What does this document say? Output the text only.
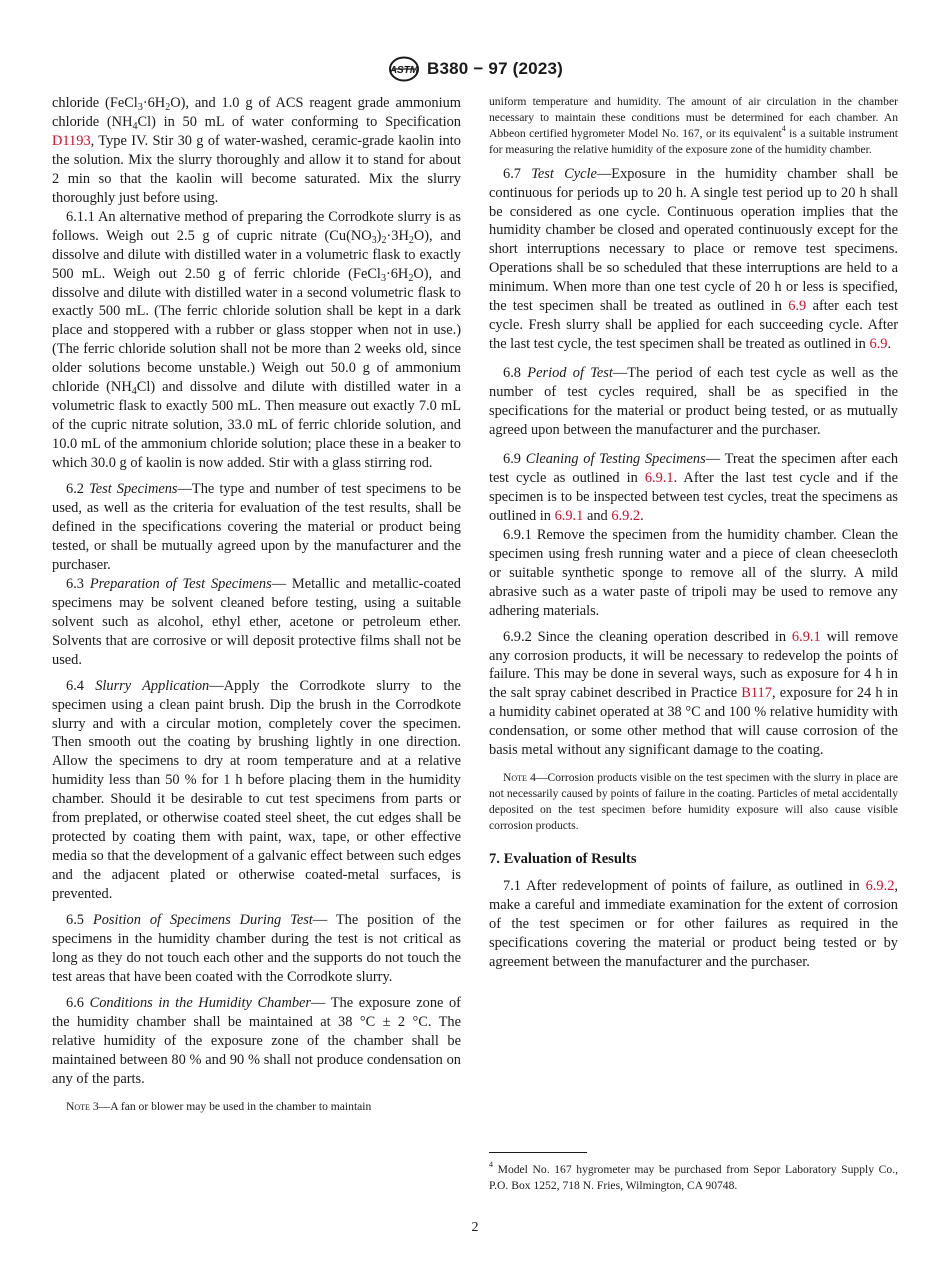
ASTM B380 − 97 (2023)

chloride $(FeCl_3\cdot 6H_2O)$, and 1.0 g of ACS reagent grade ammonium chloride $(NH_4Cl)$ in 50 mL of water conforming to Specification D1193, Type IV. Stir 30 g of water-washed, ceramic-grade kaolin into the solution. Mix the slurry thoroughly and allow it to stand for about 2 min so that the kaolin will become saturated. Mix the slurry thoroughly just before using.

6.1.1 An alternative method of preparing the Corrodkote slurry is as follows. Weigh out 2.5 g of cupric nitrate $(Cu(NO_3)_2\cdot 3H_2O)$, and dissolve and dilute with distilled water in a volumetric flask to exactly 500 mL. Weigh out 2.50 g of ferric chloride $(FeCl_3\cdot 6H_2O)$, and dissolve and dilute with distilled water in a second volumetric flask to exactly 500 mL. (The ferric chloride solution shall be kept in a dark place and stoppered with a rubber or glass stopper when not in use.) (The ferric chloride solution shall not be more than 2 weeks old, since older solutions become unstable.) Weigh out 50.0 g of ammonium chloride $(NH_4Cl)$ and dissolve and dilute with distilled water in a volumetric flask to exactly 500 mL. Then measure out exactly 7.0 mL of the cupric nitrate solution, 33.0 mL of ferric chloride solution, and 10.0 mL of the ammonium chloride solution; place these in a beaker to which 30.0 g of kaolin is now added. Stir with a glass stirring rod.

6.2 Test Specimens—The type and number of test specimens to be used, as well as the criteria for evaluation of the test results, shall be defined in the specifications covering the material or product being tested, or shall be mutually agreed upon by the manufacturer and the purchaser.

6.3 Preparation of Test Specimens— Metallic and metallic-coated specimens may be solvent cleaned before testing, using a suitable solvent such as alcohol, ethyl ether, acetone or petroleum ether. Solvents that are corrosive or will deposit protective films shall not be used.

6.4 Slurry Application—Apply the Corrodkote slurry to the specimen using a clean paint brush. Dip the brush in the Corrodkote slurry and with a circular motion, completely cover the specimen. Then smooth out the coating by brushing lightly in one direction. Allow the specimens to dry at room temperature and at a relative humidity less than 50 % for 1 h before placing them in the humidity chamber. Should it be desirable to cut test specimens from parts or from preplated, or otherwise coated steel sheet, the cut edges shall be protected by coating them with paint, wax, tape, or other effective media so that the development of a galvanic effect between such edges and the adjacent plated or otherwise coated-metal surfaces, is prevented.

6.5 Position of Specimens During Test— The position of the specimens in the humidity chamber during the test is not critical as long as they do not touch each other and the supports do not touch the test areas that have been coated with the Corrodkote slurry.

6.6 Conditions in the Humidity Chamber— The exposure zone of the humidity chamber shall be maintained at 38 °C ± 2 °C. The relative humidity of the exposure zone of the chamber shall be maintained between 80 % and 90 % shall not produce condensation on any of the parts.

Note 3—A fan or blower may be used in the chamber to maintain

uniform temperature and humidity. The amount of air circulation in the chamber necessary to maintain these conditions must be determined for each chamber. An Abbeon certified hygrometer Model No. 167, or its equivalent$^4$ is a suitable instrument for measuring the relative humidity of the exposure zone of the humidity chamber.

6.7 Test Cycle—Exposure in the humidity chamber shall be continuous for periods up to 20 h. A single test period up to 20 h shall be considered as one cycle. Continuous operation implies that the humidity chamber be closed and operated continuously except for the short interruptions necessary to place or remove test specimens. Operations shall be so scheduled that these interruptions are held to a minimum. When more than one test cycle of 20 h or less is specified, the test specimen shall be treated as outlined in 6.9 after each test cycle. Fresh slurry shall be applied for each succeeding cycle. After the last test cycle, the test specimen shall be treated as outlined in 6.9.

6.8 Period of Test—The period of each test cycle as well as the number of test cycles required, shall be as specified in the specifications for the material or product being tested, or as mutually agreed upon between the manufacturer and the purchaser.

6.9 Cleaning of Testing Specimens— Treat the specimen after each test cycle as outlined in 6.9.1. After the last test cycle and if the specimen is to be inspected between test cycles, treat the specimens as outlined in 6.9.1 and 6.9.2.

6.9.1 Remove the specimen from the humidity chamber. Clean the specimen using fresh running water and a piece of clean cheesecloth or suitable synthetic sponge to remove all of the slurry. A mild abrasive such as a water paste of tripoli may be used to remove any adhering materials.

6.9.2 Since the cleaning operation described in 6.9.1 will remove any corrosion products, it will be necessary to redevelop the points of failure. This may be done in several ways, such as exposure for 4 h in the salt spray cabinet described in Practice B117, exposure for 24 h in a humidity cabinet operated at 38 °C and 100 % relative humidity with condensation, or some other method that will cause corrosion of the basis metal without any significant damage to the coating.

Note 4—Corrosion products visible on the test specimen with the slurry in place are not necessarily caused by points of failure in the coating. Particles of metal accidentally deposited on the test specimen before humidity exposure will also cause visible corrosion products.

7. Evaluation of Results

7.1 After redevelopment of points of failure, as outlined in 6.9.2, make a careful and immediate examination for the extent of corrosion of the test specimen or for other failures as required in the specifications covering the material or product being tested or by agreement between the manufacturer and the purchaser.

$^4$ Model No. 167 hygrometer may be purchased from Sepor Laboratory Supply Co., P.O. Box 1252, 718 N. Fries, Wilmington, CA 90748.

2
